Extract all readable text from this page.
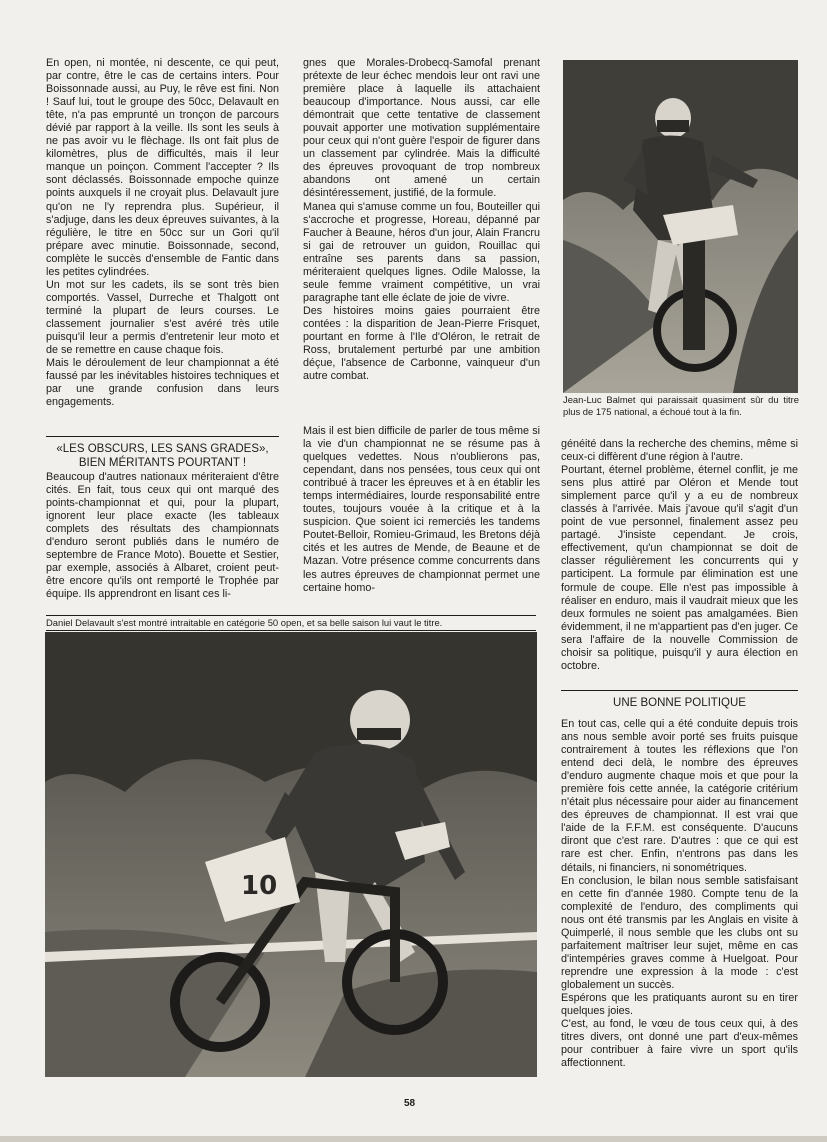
En open, ni montée, ni descente, ce qui peut, par contre, être le cas de certains inters. Pour Boissonnade aussi, au Puy, le rêve est fini. Non ! Sauf lui, tout le groupe des 50cc, Delavault en tête, n'a pas emprunté un tronçon de parcours dévié par rapport à la veille. Ils sont les seuls à ne pas avoir vu le flèchage. Ils ont fait plus de kilomètres, plus de difficultés, mais il leur manque un poinçon. Comment l'accepter ? Ils sont déclassés. Boissonnade empoche quinze points auxquels il ne croyait plus. Delavault jure qu'on ne l'y reprendra plus. Supérieur, il s'adjuge, dans les deux épreuves suivantes, à la régulière, le titre en 50cc sur un Gori qu'il prépare avec minutie. Boissonnade, second, complète le succès d'ensemble de Fantic dans les petites cylindrées.

Un mot sur les cadets, ils se sont très bien comportés. Vassel, Durreche et Thalgott ont terminé la plupart de leurs courses. Le classement journalier s'est avéré très utile puisqu'il leur a permis d'entretenir leur moto et de se remettre en cause chaque fois.

Mais le déroulement de leur championnat a été faussé par les inévitables histoires techniques et par une grande confusion dans leurs engagements.

«LES OBSCURS, LES SANS GRADES», BIEN MÉRITANTS POURTANT !

Beaucoup d'autres nationaux mériteraient d'être cités. En fait, tous ceux qui ont marqué des points-championnat et qui, pour la plupart, ignorent leur place exacte (les tableaux complets des résultats des championnats d'enduro seront publiés dans le numéro de septembre de France Moto). Bouette et Sestier, par exemple, associés à Albaret, croient peut-être encore qu'ils ont remporté le Trophée par équipe. Ils apprendront en lisant ces li-

gnes que Morales-Drobecq-Samofal prenant prétexte de leur échec mendois leur ont ravi une première place à laquelle ils attachaient beaucoup d'importance. Nous aussi, car elle démontrait que cette tentative de classement pouvait apporter une motivation supplémentaire pour ceux qui n'ont guère l'espoir de figurer dans un classement par cylindrée. Mais la difficulté des épreuves provoquant de trop nombreux abandons ont amené un certain désintéressement, justifié, de la formule.

Manea qui s'amuse comme un fou, Bouteiller qui s'accroche et progresse, Horeau, dépanné par Faucher à Beaune, héros d'un jour, Alain Francru si gai de retrouver un guidon, Rouillac qui entraîne ses parents dans sa passion, mériteraient quelques lignes. Odile Malosse, la seule femme vraiment compétitive, un vrai paragraphe tant elle éclate de joie de vivre.

Des histoires moins gaies pourraient être contées : la disparition de Jean-Pierre Frisquet, pourtant en forme à l'Ile d'Oléron, le retrait de Ross, brutalement perturbé par une ambition déçue, l'absence de Carbonne, vainqueur d'un autre combat.

Mais il est bien difficile de parler de tous même si la vie d'un championnat ne se résume pas à quelques vedettes. Nous n'oublierons pas, cependant, dans nos pensées, tous ceux qui ont contribué à tracer les épreuves et à en établir les temps intermédiaires, lourde responsabilité entre toutes, toujours vouée à la critique et à la suspicion. Que soient ici remerciés les tandems Poutet-Belloir, Romieu-Grimaud, les Bretons déjà cités et les autres de Mende, de Beaune et de Mazan. Votre présence comme concurrents dans les autres épreuves de championnat permet une certaine homo-

Jean-Luc Balmet qui paraissait quasiment sûr du titre plus de 175 national, a échoué tout à la fin.

généité dans la recherche des chemins, même si ceux-ci diffèrent d'une région à l'autre.

Pourtant, éternel problème, éternel conflit, je me sens plus attiré par Oléron et Mende tout simplement parce qu'il y a eu de nombreux classés à l'arrivée. Mais j'avoue qu'il s'agit d'un point de vue personnel, finalement assez peu partagé. J'insiste cependant. Je crois, effectivement, qu'un championnat se doit de classer régulièrement les concurrents qui y participent. La formule par élimination est une formule de coupe. Elle n'est pas impossible à réaliser en enduro, mais il vaudrait mieux que les deux formules ne soient pas amalgamées. Bien évidemment, il ne m'appartient pas d'en juger. Ce sera l'affaire de la nouvelle Commission de choisir sa politique, puisqu'il y aura élection en octobre.

UNE BONNE POLITIQUE

En tout cas, celle qui a été conduite depuis trois ans nous semble avoir porté ses fruits puisque contrairement à toutes les réflexions que l'on entend deci delà, le nombre des épreuves d'enduro augmente chaque mois et que pour la première fois cette année, la catégorie critérium n'était plus nécessaire pour aider au financement des épreuves de championnat. Il est vrai que l'aide de la F.F.M. est conséquente. D'aucuns diront que c'est rare. D'autres : que ce qui est rare est cher. Enfin, n'entrons pas dans les détails, ni financiers, ni sonométriques.

En conclusion, le bilan nous semble satisfaisant en cette fin d'année 1980. Compte tenu de la complexité de l'enduro, des compliments qui nous ont été transmis par les Anglais en visite à Quimperlé, il nous semble que les clubs ont su parfaitement maîtriser leur sujet, même en cas d'intempéries graves comme à Huelgoat. Pour reprendre une expression à la mode : c'est globalement un succès.

Espérons que les pratiquants auront su en tirer quelques joies.

C'est, au fond, le vœu de tous ceux qui, à des titres divers, ont donné une part d'eux-mêmes pour contribuer à faire vivre un sport qu'ils affectionnent.

Daniel Delavault s'est montré intraitable en catégorie 50 open, et sa belle saison lui vaut le titre.
10
58
